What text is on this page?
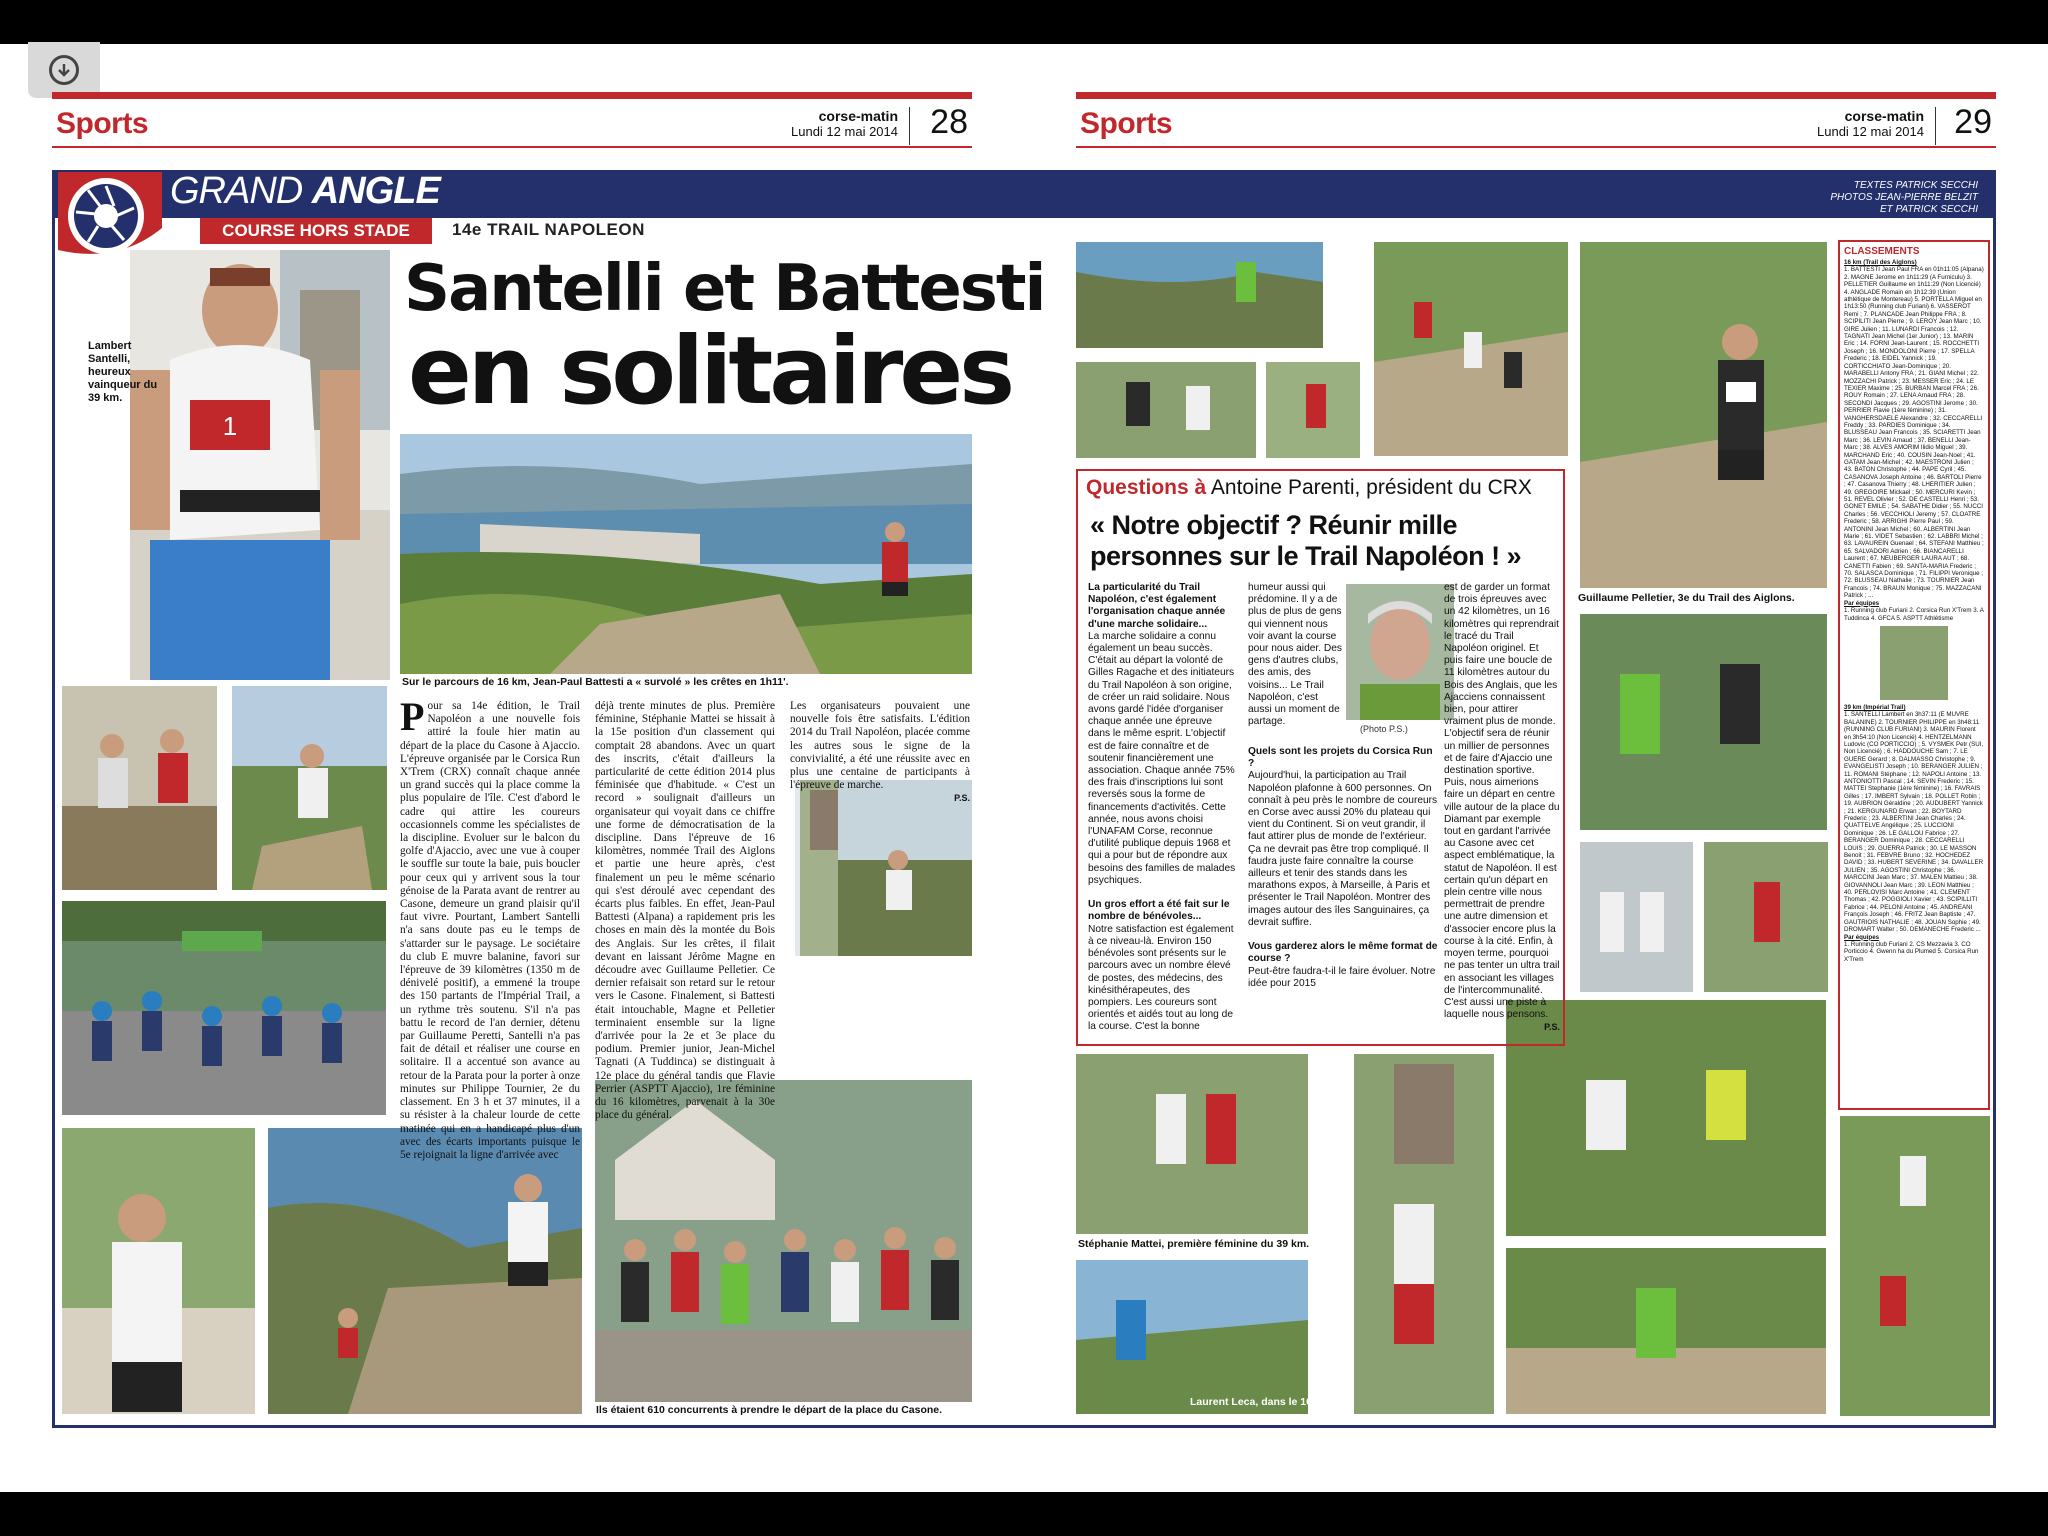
Sports	corse-matin
Lundi 12 mai 2014 28	Sports	corse-matin
Lundi 12 mai 2014 29
GRAND ANGLE
COURSE HORS STADE	14e TRAIL NAPOLEON
TEXTES PATRICK SECCHI
PHOTOS JEAN-PIERRE BELZIT
ET PATRICK SECCHI
Santelli et Battesti
en solitaires
1
Lambert Santelli, heureux vainqueur du 39 km.
Sur le parcours de 16 km, Jean-Paul Battesti a « survolé » les crêtes en 1h11'.
Ils étaient 610 concurrents à prendre le départ de la place du Casone.
Pour sa 14e édition, le Trail Napoléon a une nouvelle fois attiré la foule hier matin au départ de la place du Casone à Ajaccio. L'épreuve organisée par le Corsica Run X'Trem (CRX) connaît chaque année un grand succès qui la place comme la plus populaire de l'île. C'est d'abord le cadre qui attire les coureurs occasionnels comme les spécialistes de la discipline. Evoluer sur le balcon du golfe d'Ajaccio, avec une vue à couper le souffle sur toute la baie, puis boucler pour ceux qui y arrivent sous la tour génoise de la Parata avant de rentrer au Casone, demeure un grand plaisir qu'il faut vivre. Pourtant, Lambert Santelli n'a sans doute pas eu le temps de s'attarder sur le paysage. Le sociétaire du club E muvre balanine, favori sur l'épreuve de 39 kilomètres (1350 m de dénivelé positif), a emmené la troupe des 150 partants de l'Impérial Trail, a un rythme très soutenu. S'il n'a pas battu le record de l'an dernier, détenu par Guillaume Peretti, Santelli n'a pas fait de détail et réaliser une course en solitaire. Il a accentué son avance au retour de la Parata pour la porter à onze minutes sur Philippe Tournier, 2e du classement. En 3 h et 37 minutes, il a su résister à la chaleur lourde de cette matinée qui en a handicapé plus d'un avec des écarts importants puisque le 5e rejoignait la ligne d'arrivée avec
déjà trente minutes de plus. Première féminine, Stéphanie Mattei se hissait à la 15e position d'un classement qui comptait 28 abandons. Avec un quart des inscrits, c'était d'ailleurs la particularité de cette édition 2014 plus féminisée que d'habitude. « C'est un record » soulignait d'ailleurs un organisateur qui voyait dans ce chiffre une forme de démocratisation de la discipline. Dans l'épreuve de 16 kilomètres, nommée Trail des Aiglons et partie une heure après, c'est finalement un peu le même scénario qui s'est déroulé avec cependant des écarts plus faibles. En effet, Jean-Paul Battesti (Alpana) a rapidement pris les choses en main dès la montée du Bois des Anglais. Sur les crêtes, il filait devant en laissant Jérôme Magne en découdre avec Guillaume Pelletier. Ce dernier refaisait son retard sur le retour vers le Casone. Finalement, si Battesti était intouchable, Magne et Pelletier terminaient ensemble sur la ligne d'arrivée pour la 2e et 3e place du podium. Premier junior, Jean-Michel Tagnati (A Tuddinca) se distinguait à 12e place du général tandis que Flavie Perrier (ASPTT Ajaccio), 1re féminine du 16 kilomètres, parvenait à la 30e place du général.
Les organisateurs pouvaient une nouvelle fois être satisfaits. L'édition 2014 du Trail Napoléon, placée comme les autres sous le signe de la convivialité, a été une réussite avec en plus une centaine de participants à l'épreuve de marche.
P.S.
Guillaume Pelletier, 3e du Trail des Aiglons.
Stéphanie Mattei, première féminine du 39 km.
Laurent Leca, dans le 16 km
Questions à Antoine Parenti, président du CRX
« Notre objectif ? Réunir mille personnes sur le Trail Napoléon ! »
(Photo P.S.)
La particularité du Trail Napoléon, c'est également l'organisation chaque année d'une marche solidaire...
La marche solidaire a connu également un beau succès. C'était au départ la volonté de Gilles Ragache et des initiateurs du Trail Napoléon à son origine, de créer un raid solidaire. Nous avons gardé l'idée d'organiser chaque année une épreuve dans le même esprit. L'objectif est de faire connaître et de soutenir financièrement une association. Chaque année 75% des frais d'inscriptions lui sont reversés sous la forme de financements d'activités. Cette année, nous avons choisi l'UNAFAM Corse, reconnue d'utilité publique depuis 1968 et qui a pour but de répondre aux besoins des familles de malades psychiques.

Un gros effort a été fait sur le nombre de bénévoles...
Notre satisfaction est également à ce niveau-là. Environ 150 bénévoles sont présents sur le parcours avec un nombre élevé de postes, des médecins, des kinésithérapeutes, des pompiers. Les coureurs sont orientés et aidés tout au long de la course. C'est la bonne
humeur aussi qui prédomine. Il y a de plus de plus de gens qui viennent nous voir avant la course pour nous aider. Des gens d'autres clubs, des amis, des voisins... Le Trail Napoléon, c'est aussi un moment de partage.
Quels sont les projets du Corsica Run ?
Aujourd'hui, la participation au Trail Napoléon plafonne à 600 personnes. On connaît à peu près le nombre de coureurs en Corse avec aussi 20% du plateau qui vient du Continent. Si on veut grandir, il faut attirer plus de monde de l'extérieur. Ça ne devrait pas être trop compliqué. Il faudra juste faire connaître la course ailleurs et tenir des stands dans les marathons expos, à Marseille, à Paris et présenter le Trail Napoléon. Montrer des images autour des îles Sanguinaires, ça devrait suffire.

Vous garderez alors le même format de course ?
Peut-être faudra-t-il le faire évoluer. Notre idée pour 2015
est de garder un format de trois épreuves avec un 42 kilomètres, un 16 kilomètres qui reprendrait le tracé du Trail Napoléon originel. Et puis faire une boucle de 11 kilomètres autour du Bois des Anglais, que les Ajacciens connaissent bien, pour attirer vraiment plus de monde. L'objectif sera de réunir un millier de personnes et de faire d'Ajaccio une destination sportive. Puis, nous aimerions faire un départ en centre ville autour de la place du Diamant par exemple tout en gardant l'arrivée au Casone avec cet aspect emblématique, la statut de Napoléon. Il est certain qu'un départ en plein centre ville nous permettrait de prendre une autre dimension et d'associer encore plus la course à la cité. Enfin, à moyen terme, pourquoi ne pas tenter un ultra trail en associant les villages de l'intercommunalité. C'est aussi une piste à laquelle nous pensons.
P.S.
CLASSEMENTS
16 km (Trail des Aiglons)
1. BATTESTI Jean Paul FRA en 01h11:05 (Alpana) 2. MAGNE Jerome en 1h11:29 (A Furniculu) 3. PELLETIER Guillaume en 1h11:29 (Non Licencié) 4. ANGLADE Romain en 1h12:39 (Union athlétique de Montereau) 5. PORTELLA Miguel en 1h13:50 (Running club Furiani) 6. VASSEROT Remi ; 7. PLANCADE Jean Philippe FRA ; 8. SCIPILITI Jean Pierre ; 9. LEROY Jean Marc ; 10. GIRE Julien ; 11. LUNARDI Francois ; 12. TAGNATI Jean Michel (1er Junior) ; 13. MARIN Eric ; 14. FORNI Jean-Laurent ; 15. ROCCHETTI Joseph ; 16. MONDOLONI Pierre ; 17. SPELLA Frederic ; 18. EIDEL Yannick ; 19. CORTICCHIATO Jean-Dominique ; 20. MARABELLI Antony FRA ; 21. GIANI Michel ; 22. MOZZACHI Patrick ; 23. MESSER Eric ; 24. LE TEXIER Maxime ; 25. BURBAN Marcel FRA ; 26. ROUY Romain ; 27. LENA Arnaud FRA ; 28. SECONDI Jacques ; 29. AGOSTINI Jerome ; 30. PERRIER Flavie (1ère féminine) ; 31. VANGHERSDAELE Alexandre ; 32. CECCARELLI Freddy ; 33. PARDIES Dominique ; 34. BLUSSEAU Jean Francois ; 35. SCIARETTI Jean Marc ; 36. LEVIN Arnaud ; 37. BENELLI Jean-Marc ; 38. ALVES AMORIM Ilidio Miguel ; 39. MARCHAND Eric ; 40. COUSIN Jean-Noel ; 41. GATAM Jean-Michel ; 42. MAESTRONI Julien ; 43. BATON Christophe ; 44. PAPE Cyril ; 45. CASANOVA Joseph Antoine ; 46. BARTOLI Pierre ; 47. Casanova Thierry ; 48. LHERITIER Julien ; 49. GREGOIRE Mickael ; 50. MERCURI Kevin ; 51. REVEL Olivier ; 52. DE CASTELLI Henri ; 53. GONET EMILE ; 54. SABATHE Didier ; 55. NUCCI Charles ; 56. VECCHIOLI Jeremy ; 57. CLOATRE Frederic ; 58. ARRIGHI Pierre Paul ; 59. ANTONINI Jean Michel ; 60. ALBERTINI Jean Marie ; 61. VIDET Sebastien ; 62. LABBRI Michel ; 63. LAVAUREIN Guenael ; 64. STEFANI Matthieu ; 65. SALVADORI Adrien ; 66. BIANCARELLI Laurent ; 67. NEUBERGER LAURA AUT ; 68. CANETTI Fabien ; 69. SANTA-MARIA Frederic ; 70. SALASCA Dominique ; 71. FILIPPI Veronique ; 72. BLUSSEAU Nathalie ; 73. TOURNIER Jean Francois ; 74. BRAUN Monique ; 75. MAZZACANI Patrick ; ...
Par équipes
1. Running club Furiani 2. Corsica Run X'Trem 3. A Tuddinca 4. GFCA 5. ASPTT Athlétisme
39 km (Impérial Trail)
1. SANTELLI Lambert en 3h37:11 (E MUVRE BALANINE) 2. TOURNIER PHILIPPE en 3h48:11 (RUNNING CLUB FURIANI) 3. MAURIN Florent en 3h54:10 (Non Licencié) 4. HENTZELMANN Ludovic (CO PORTICCIO) ; 5. VYSMEK Petr (SUI, Non Licencié) ; 6. HADDOUCHE Sam ; 7. LE GUERE Gerard ; 8. DALMASSO Christophe ; 9. EVANGELISTI Joseph ; 10. BERANGER JULIEN ; 11. ROMANI Stéphane ; 12. NAPOLI Antoine ; 13. ANTONIOTTI Pascal ; 14. SEVIN Frederic ; 15. MATTEI Stephanie (1ère féminine) ; 16. FAVRAIS Gilles ; 17. IMBERT Sylvain ; 18. POLLET Robin ; 19. AUBRION Géraldine ; 20. AUDUBERT Yannick ; 21. KERGUNARD Erwan ; 22. BOYTARD Frederic ; 23. ALBERTINI Jean Charles ; 24. QUATTELVE Angélique ; 25. LUCCIONI Dominique ; 26. LE GALLOU Fabrice ; 27. BERANGER Dominique ; 28. CECCARELLI LOUIS ; 29. GUERRA Patrick ; 30. LE MASSON Benoit ; 31. FEBVRE Bruno ; 32. HOCHEDEZ DAVID ; 33. HUBERT SEVERINE ; 34. DAVALLER JULIEN ; 35. AGOSTINI Christophe ; 36. MARCCINI Jean Marc ; 37. MALEN Mattieu ; 38. GIOVANNOLI Jean Marc ; 39. LEON Matthieu ; 40. PERLOVISI Marc Antoine ; 41. CLEMENT Thomas ; 42. POGGIOLI Xavier ; 43. SCIPILLITI Fabrice ; 44. PELONI Antoine ; 45. ANDREANI François Joseph ; 46. FRITZ Jean Baptiste ; 47. GAUTRIOIS NATHALIE ; 48. JOUAN Sophie ; 49. DROMART Walter ; 50. DEMANECHE Frederic ...
Par équipes
1. Running club Furiani 2. CS Mezzavia 3. CO Porticcio 4. Gwenn ha du Plumed 5. Corsica Run X'Trem
